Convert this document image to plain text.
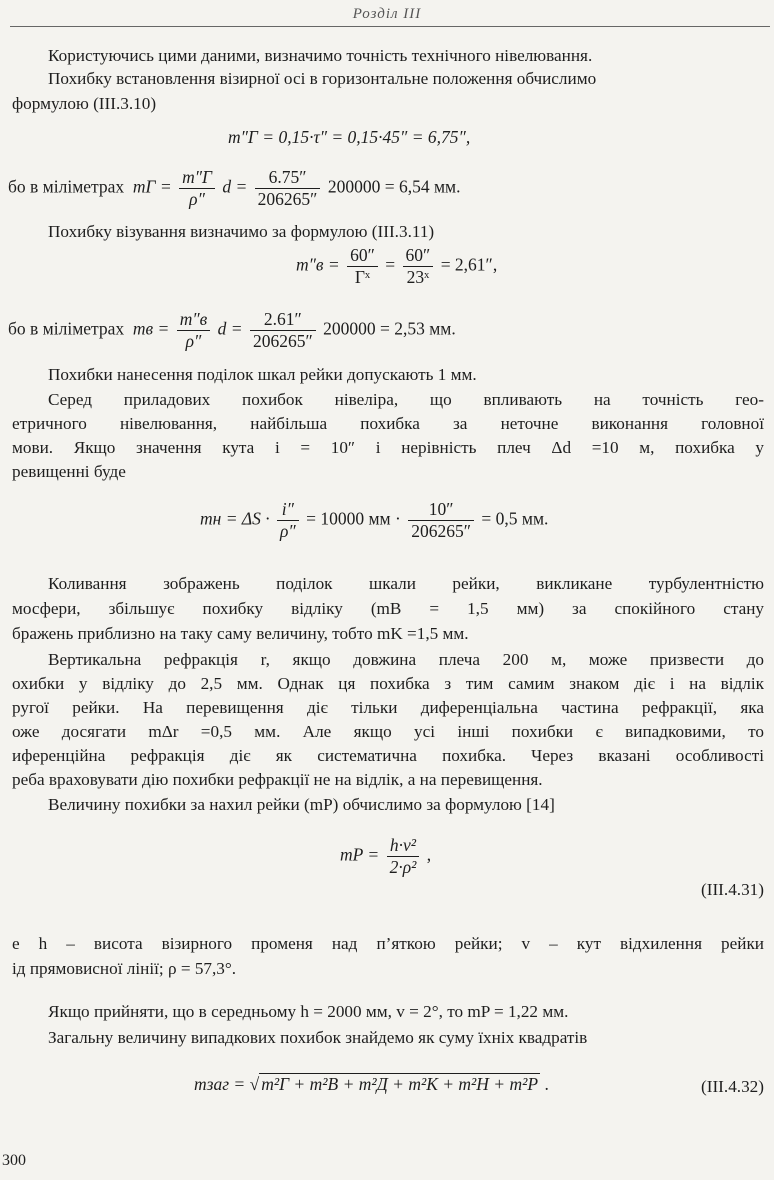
Розділ ІІІ
Користуючись цими даними, визначимо точність технічного нівелювання.
Похибку встановлення візирної осі в горизонтальне положення обчислимо
формулою (ІІІ.3.10)
m″Г = 0,15·τ″ = 0,15·45″ = 6,75″,
бо в міліметрах mГ = $\frac{m''Г}{\rho''}$ $d = \frac{6.75''}{206265''} 200000 = 6,54$ мм.
Похибку візування визначимо за формулою (ІІІ.3.11)
$m''в = \frac{60''}{\text{Гˣ}} = \frac{60''}{\text{23ˣ}} = 2,61''$,
бо в міліметрах mв = $\frac{m''в}{\rho''}$ $d = \frac{2.61''}{206265''} 200000 = 2,53$ мм.
Похибки нанесення поділок шкал рейки допускають 1 мм.
Серед приладових похибок нівеліра, що впливають на точність гео-
етричного нівелювання, найбільша похибка за неточне виконання головної
мови. Якщо значення кута i = 10″ і нерівність плеч Δd =10 м, похибка у
ревищенні буде
mн = $\Delta S \cdot \frac{i''}{\rho''} = 10000$ мм · $\frac{10''}{206265''} = 0,5$ мм.
Коливання зображень поділок шкали рейки, викликане турбулентністю
мосфери, збільшує похибку відліку (mB = 1,5 мм) за спокійного стану
бражень приблизно на таку саму величину, тобто mK =1,5 мм.
Вертикальна рефракція r, якщо довжина плеча 200 м, може призвести до
охибки у відліку до 2,5 мм. Однак ця похибка з тим самим знаком діє і на відлік
ругої рейки. На перевищення діє тільки диференціальна частина рефракції, яка
оже досягати mΔr =0,5 мм. Але якщо усі інші похибки є випадковими, то
иференційна рефракція діє як систематична похибка. Через вказані особливості
реба враховувати дію похибки рефракції не на відлік, а на перевищення.
Величину похибки за нахил рейки (mP) обчислимо за формулою [14]
mP = $\frac{\text{h·v²}}{\text{2·ρ²}}$ ,
(ІІІ.4.31)
е h – висота візирного променя над п’яткою рейки; v – кут відхилення рейки
ід прямовисної лінії; ρ = 57,3°.
Якщо прийняти, що в середньому h = 2000 мм, v = 2°, то mP = 1,22 мм.
Загальну величину випадкових похибок знайдемо як суму їхніх квадратів
mзаг = √ m²Г + m²В + m²Д + m²К + m²Н + m²Р .	(ІІІ.4.32)
300
